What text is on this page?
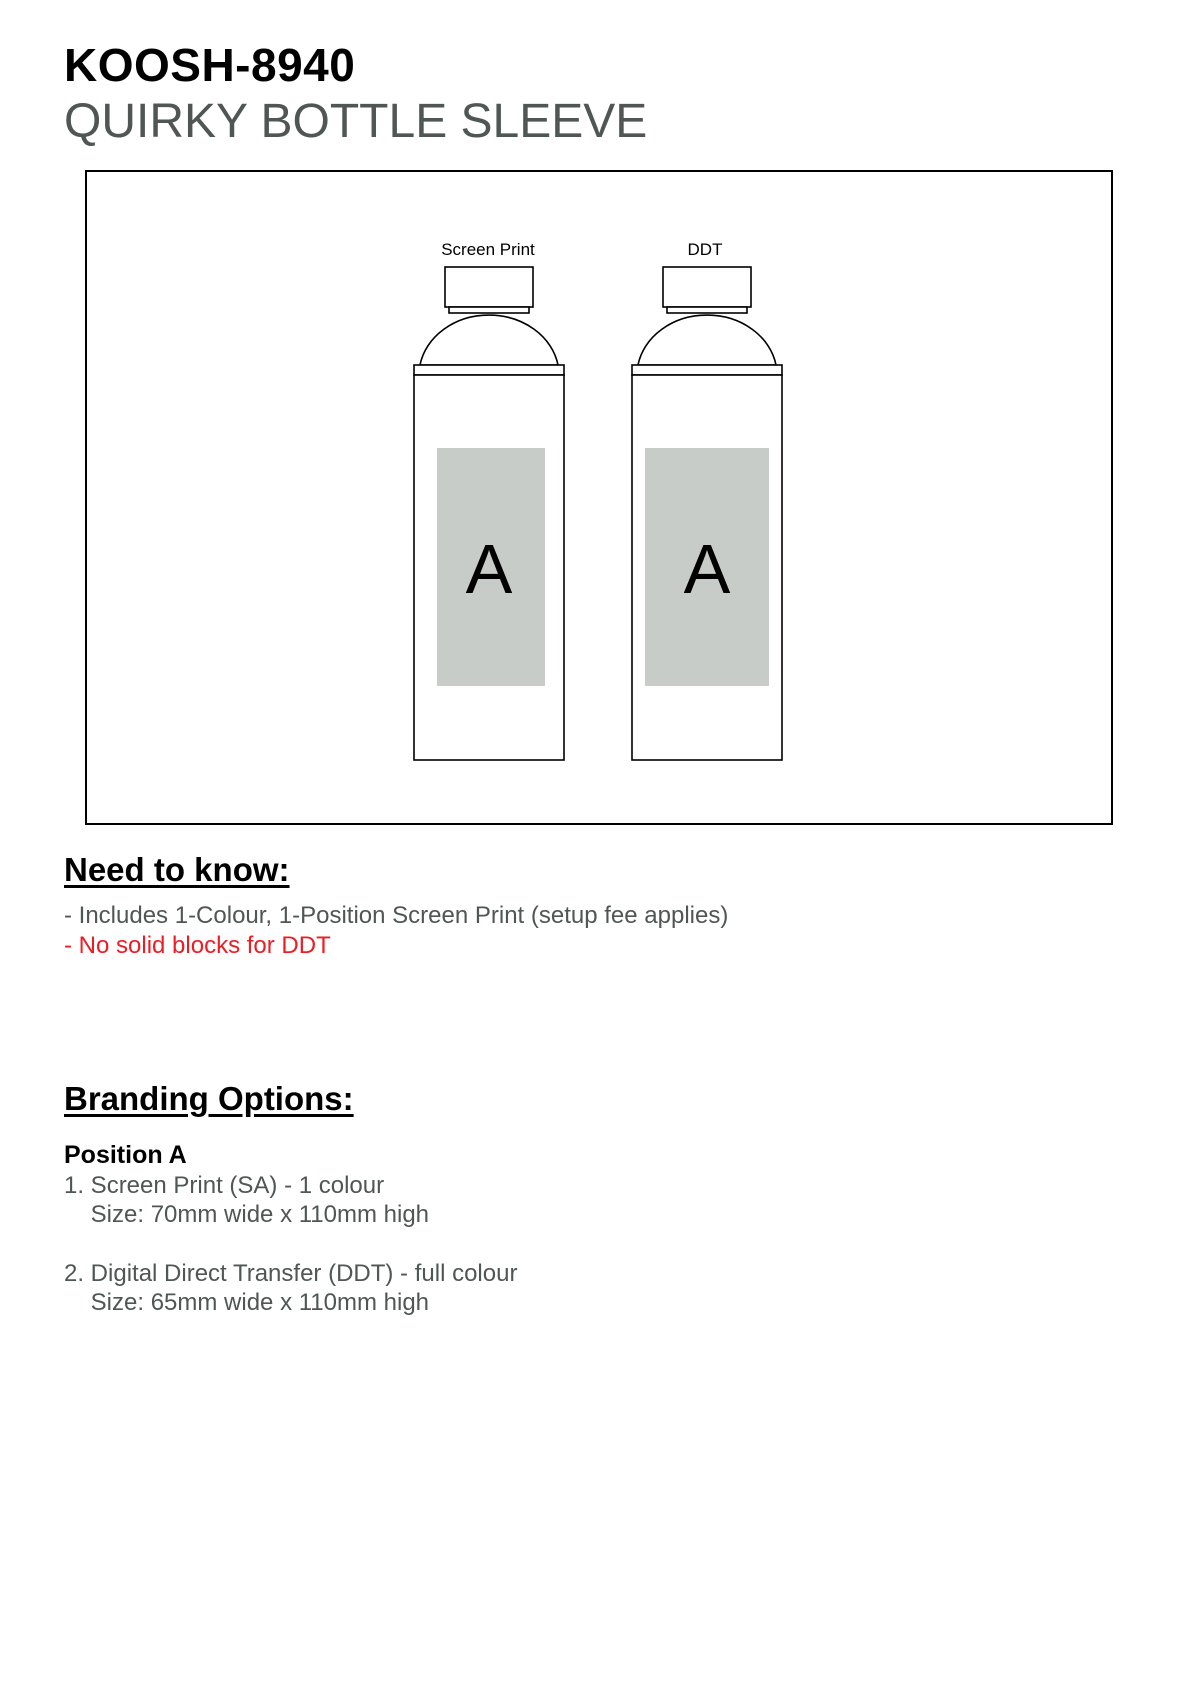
KOOSH-8940
QUIRKY BOTTLE SLEEVE
Screen Print	DDT
A	A
Need to know:
- Includes 1-Colour, 1-Position Screen Print (setup fee applies)
- No solid blocks for DDT
Branding Options:
Position A
1. Screen Print (SA) - 1 colour
Size: 70mm wide x 110mm high
2. Digital Direct Transfer (DDT) - full colour
Size: 65mm wide x 110mm high
